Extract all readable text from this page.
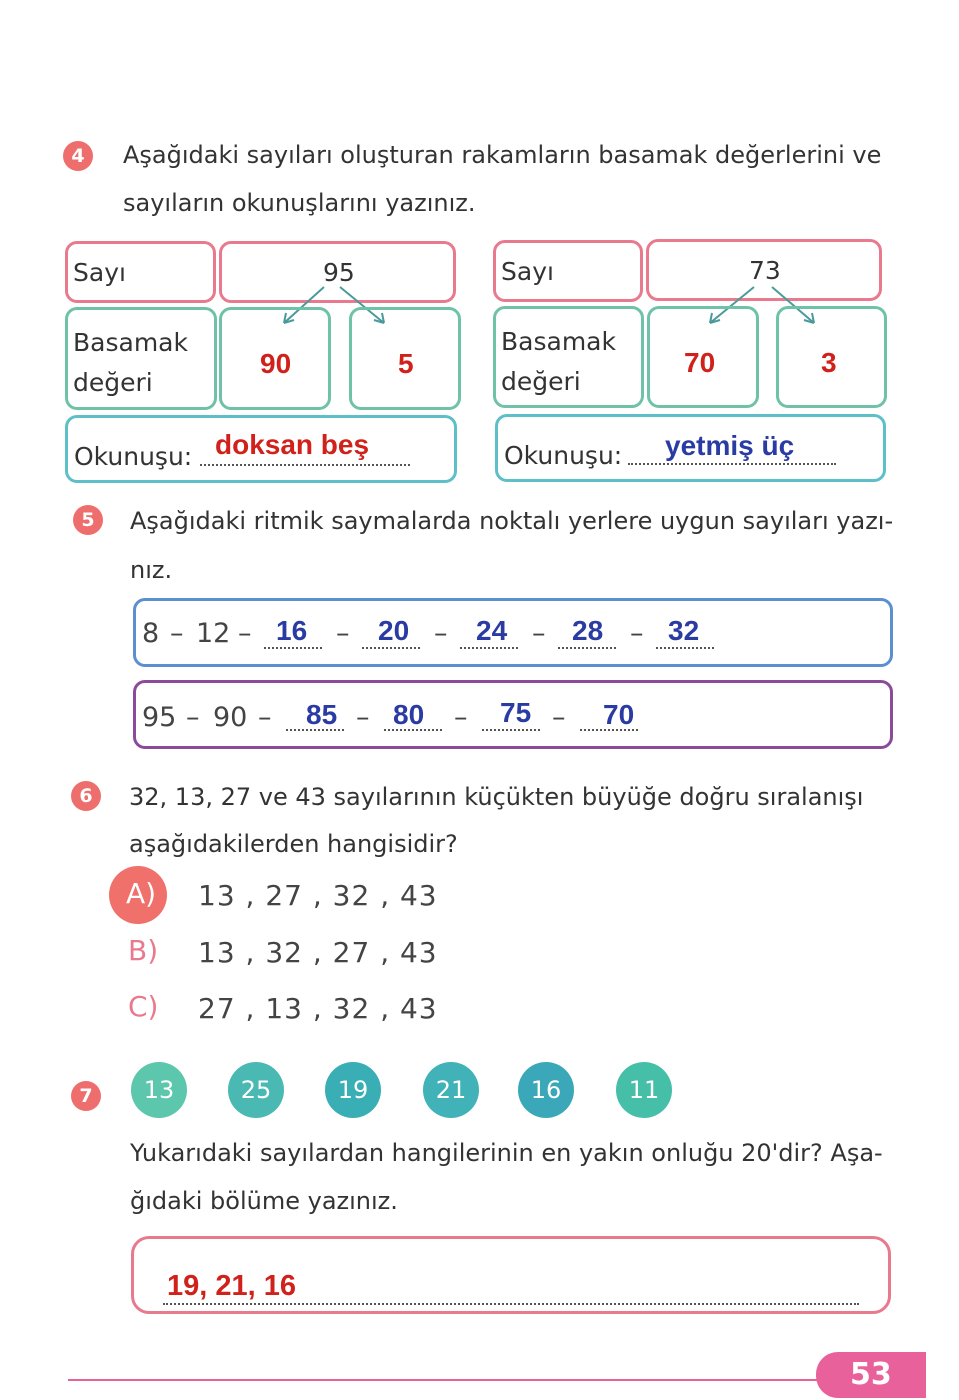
4	Aşağıdaki sayıları oluşturan rakamların basamak değerlerini ve
sayıların okunuşlarını yazınız.
Sayı	95
Basamak
değeri
90	5
Okunuşu: doksan beş
Sayı	73
Basamak
değeri
70	3
Okunuşu: yetmiş üç
5	Aşağıdaki ritmik saymalarda noktalı yerlere uygun sayıları yazı-
nız.
8 – 12 – 16 – 20 – 24 – 28 – 32
95 – 90 – 85 – 80 – 75 – 70
6	32, 13, 27 ve 43 sayılarının küçükten büyüğe doğru sıralanışı
aşağıdakilerden hangisidir?
A) 13 , 27 , 32 , 43
B) 13 , 32 , 27 , 43
C) 27 , 13 , 32 , 43
7	13	25	19	21	16	11
Yukarıdaki sayılardan hangilerinin en yakın onluğu 20'dir? Aşa-
ğıdaki bölüme yazınız.
19, 21, 16
53
